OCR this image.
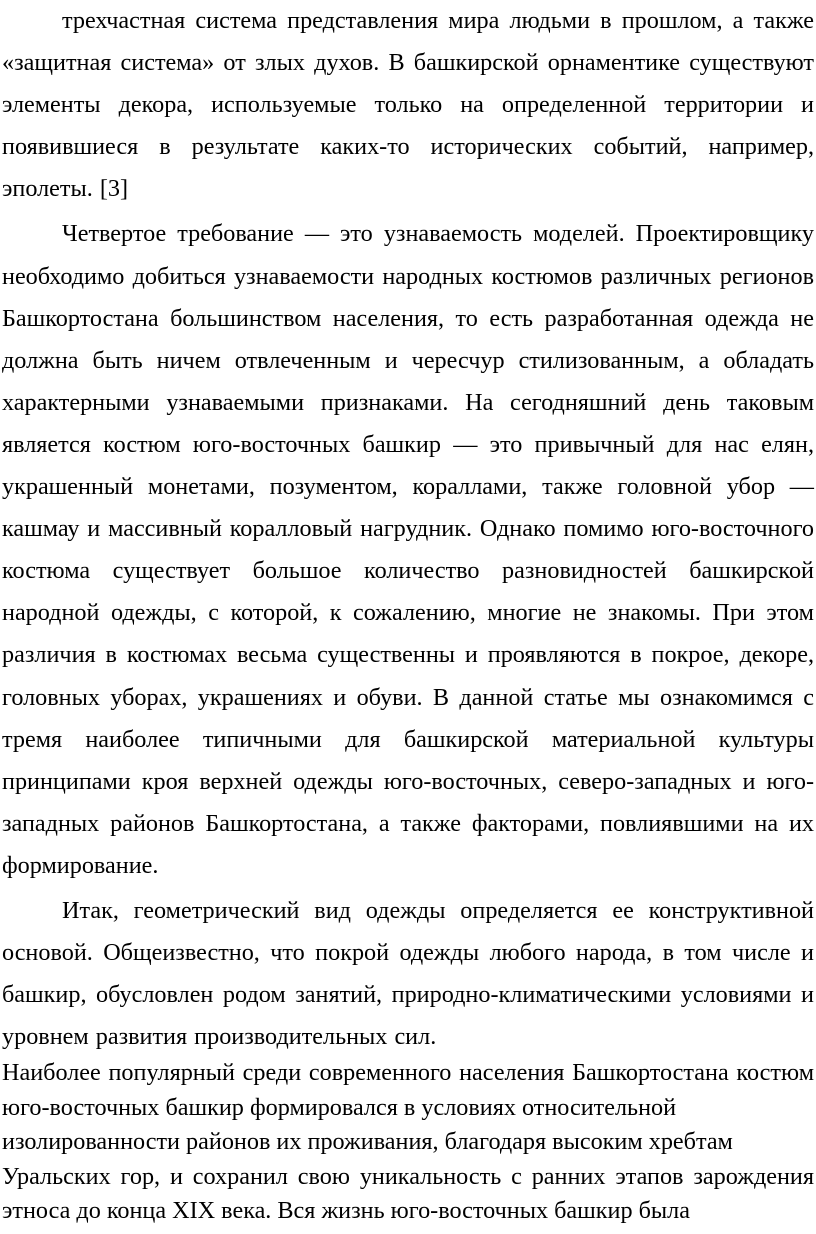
трехчастная система представления мира людьми в прошлом, а также «защитная система» от злых духов. В башкирской орнаментике существуют элементы декора, используемые только на определенной территории и появившиеся в результате каких-то исторических событий, например, эполеты. [3]

Четвертое требование — это узнаваемость моделей. Проектировщику необходимо добиться узнаваемости народных костюмов различных регионов Башкортостана большинством населения, то есть разработанная одежда не должна быть ничем отвлеченным и чересчур стилизованным, а обладать характерными узнаваемыми признаками. На сегодняшний день таковым является костюм юго-восточных башкир — это привычный для нас елян, украшенный монетами, позументом, кораллами, также головной убор — кашмау и массивный коралловый нагрудник. Однако помимо юго-восточного костюма существует большое количество разновидностей башкирской народной одежды, с которой, к сожалению, многие не знакомы. При этом различия в костюмах весьма существенны и проявляются в покрое, декоре, головных уборах, украшениях и обуви. В данной статье мы ознакомимся с тремя наиболее типичными для башкирской материальной культуры принципами кроя верхней одежды юго-восточных, северо-западных и юго-западных районов Башкортостана, а также факторами, повлиявшими на их формирование.

Итак, геометрический вид одежды определяется ее конструктивной основой. Общеизвестно, что покрой одежды любого народа, в том числе и башкир, обусловлен родом занятий, природно-климатическими условиями и уровнем развития производительных сил.

Наиболее популярный среди современного населения Башкортостана костюм
юго-восточных башкир формировался в условиях относительной
изолированности районов их проживания, благодаря высоким хребтам
Уральских гор, и сохранил свою уникальность с ранних этапов зарождения
этноса до конца XIX века. Вся жизнь юго-восточных башкир была
